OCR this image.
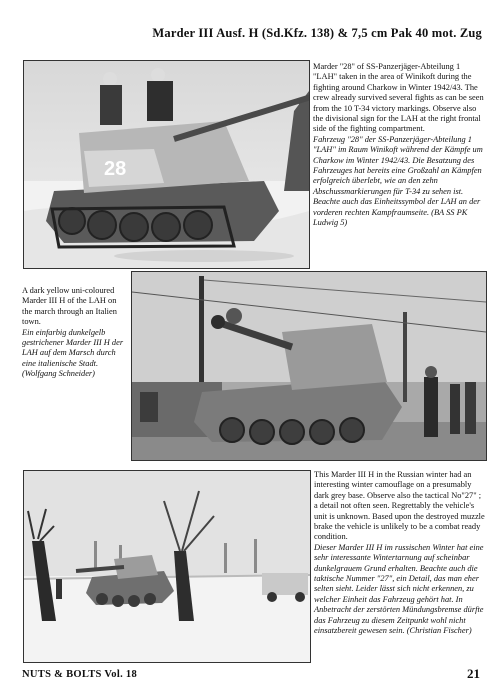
Marder III Ausf. H (Sd.Kfz. 138) & 7,5 cm Pak 40 mot. Zug
28

Marder "28" of SS-Panzerjäger-Abteilung 1 "LAH" taken in the area of Winikoft during the fighting around Charkow in Winter 1942/43. The crew already survived several fights as can be seen from the 10 T-34 victory markings. Observe also the divisional sign for the LAH at the right frontal side of the fighting compartment.

Fahrzeug "28" der SS-Panzerjäger-Abteilung 1 "LAH" im Raum Winikoft während der Kämpfe um Charkow im Winter 1942/43. Die Besatzung des Fahrzeuges hat bereits eine Großzahl an Kämpfen erfolgreich überlebt, wie an den zehn Abschussmarkierungen für T-34 zu sehen ist. Beachte auch das Einheitssymbol der LAH an der vorderen rechten Kampfraumseite. (BA SS PK Ludwig 5)

A dark yellow uni-coloured Marder III H of the LAH on the march through an Italien town.

Ein einfarbig dunkelgelb gestrichener Marder III H der LAH auf dem Marsch durch eine italienische Stadt.

(Wolfgang Schneider)

This Marder III H in the Russian winter had an interesting winter camouflage on a presumably dark grey base. Observe also the tactical No"27" ; a detail not often seen. Regrettably the vehicle's unit is unknown. Based upon the destroyed muzzle brake the vehicle is unlikely to be a combat ready condition.

Dieser Marder III H im russischen Winter hat eine sehr interessante Wintertarnung auf scheinbar dunkelgrauem Grund erhalten. Beachte auch die taktische Nummer "27", ein Detail, das man eher selten sieht. Leider lässt sich nicht erkennen, zu welcher Einheit das Fahrzeug gehört hat. In Anbetracht der zerstörten Mündungsbremse dürfte das Fahrzeug zu diesem Zeitpunkt wohl nicht einsatzbereit gewesen sein. (Christian Fischer)

NUTS & BOLTS Vol. 18	21
